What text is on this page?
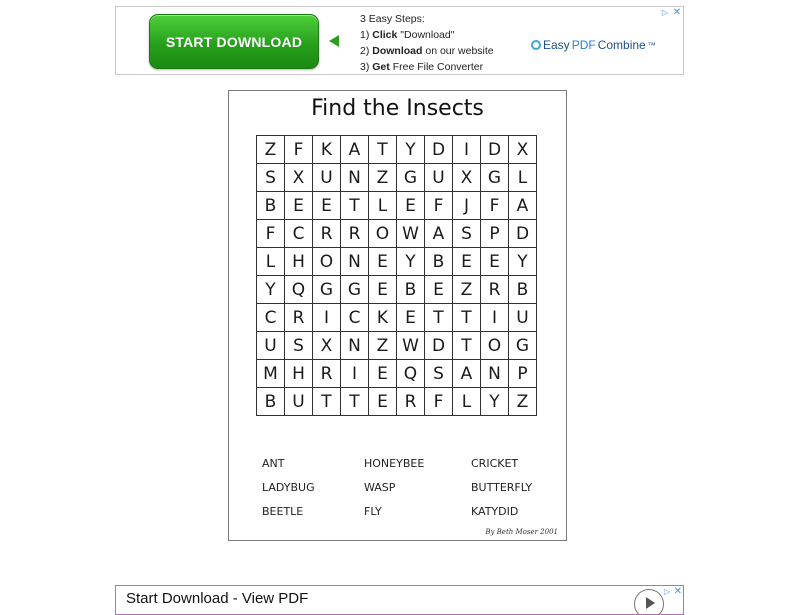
START DOWNLOAD
3 Easy Steps:
1) Click "Download"
2) Download on our website
3) Get Free File Converter
Easy PDF Combine ™
▷ ✕
Find the Insects
Z	F	K A T	Y D	I	D X
S X U N Z G U X G L
B E	E	T	L	E	F	J	F	A
F	C R R O W A S	P D
L H O N E	Y B E	E	Y
Y Q G G E B E Z R B
C R	I	C K	E	T	T	I	U
U S X N Z W D T O G
M H R	I	E Q S A N P
B U T	T	E R	F	L	Y Z
ANT	HONEYBEE	CRICKET
LADYBUG	WASP	BUTTERFLY
BEETLE	FLY	KATYDID
By Beth Moser 2001
Start Download - View PDF	▷ ✕
